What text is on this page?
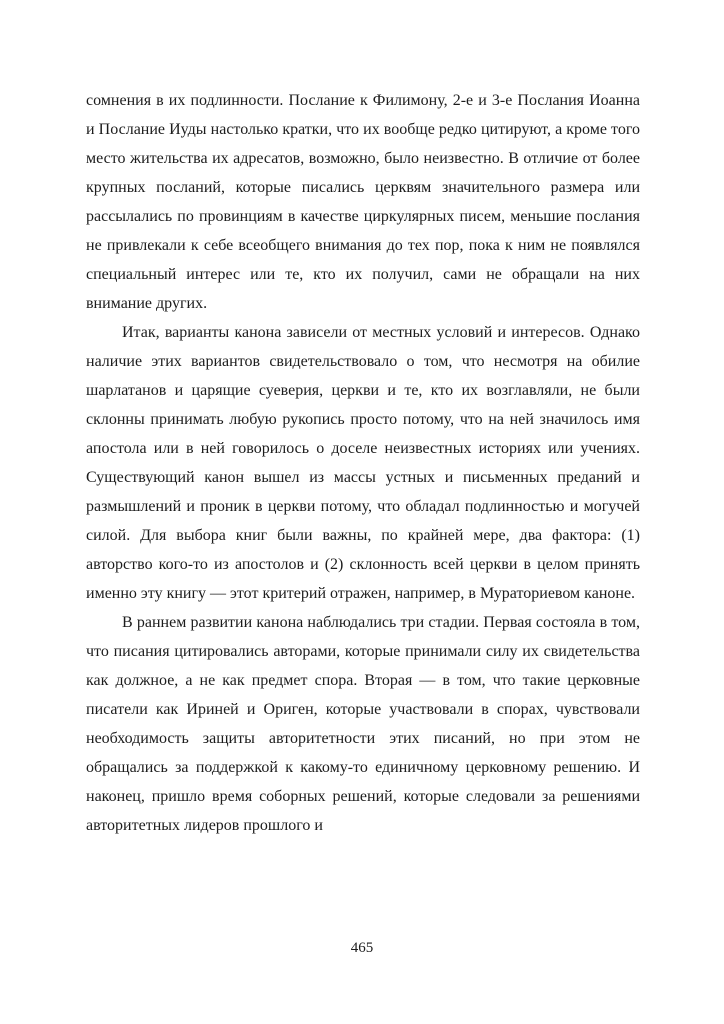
сомнения в их подлинности. Послание к Филимону, 2-е и 3-е Послания Иоанна и Послание Иуды настолько кратки, что их вообще редко цитируют, а кроме того место жительства их адресатов, возможно, было неизвестно. В отличие от более крупных посланий, которые писались церквям значительного размера или рассылались по провинциям в качестве циркулярных писем, меньшие послания не привлекали к себе всеобщего внимания до тех пор, пока к ним не появлялся специальный интерес или те, кто их получил, сами не обращали на них внимание других.

Итак, варианты канона зависели от местных условий и интересов. Однако наличие этих вариантов свидетельствовало о том, что несмотря на обилие шарлатанов и царящие суеверия, церкви и те, кто их возглавляли, не были склонны принимать любую рукопись просто потому, что на ней значилось имя апостола или в ней говорилось о доселе неизвестных историях или учениях. Существующий канон вышел из массы устных и письменных преданий и размышлений и проник в церкви потому, что обладал подлинностью и могучей силой. Для выбора книг были важны, по крайней мере, два фактора: (1) авторство кого-то из апостолов и (2) склонность всей церкви в целом принять именно эту книгу — этот критерий отражен, например, в Мураториевом каноне.

В раннем развитии канона наблюдались три стадии. Первая состояла в том, что писания цитировались авторами, которые принимали силу их свидетельства как должное, а не как предмет спора. Вторая — в том, что такие церковные писатели как Ириней и Ориген, которые участвовали в спорах, чувствовали необходимость защиты авторитетности этих писаний, но при этом не обращались за поддержкой к какому-то единичному церковному решению. И наконец, пришло время соборных решений, которые следовали за решениями авторитетных лидеров прошлого и

465
